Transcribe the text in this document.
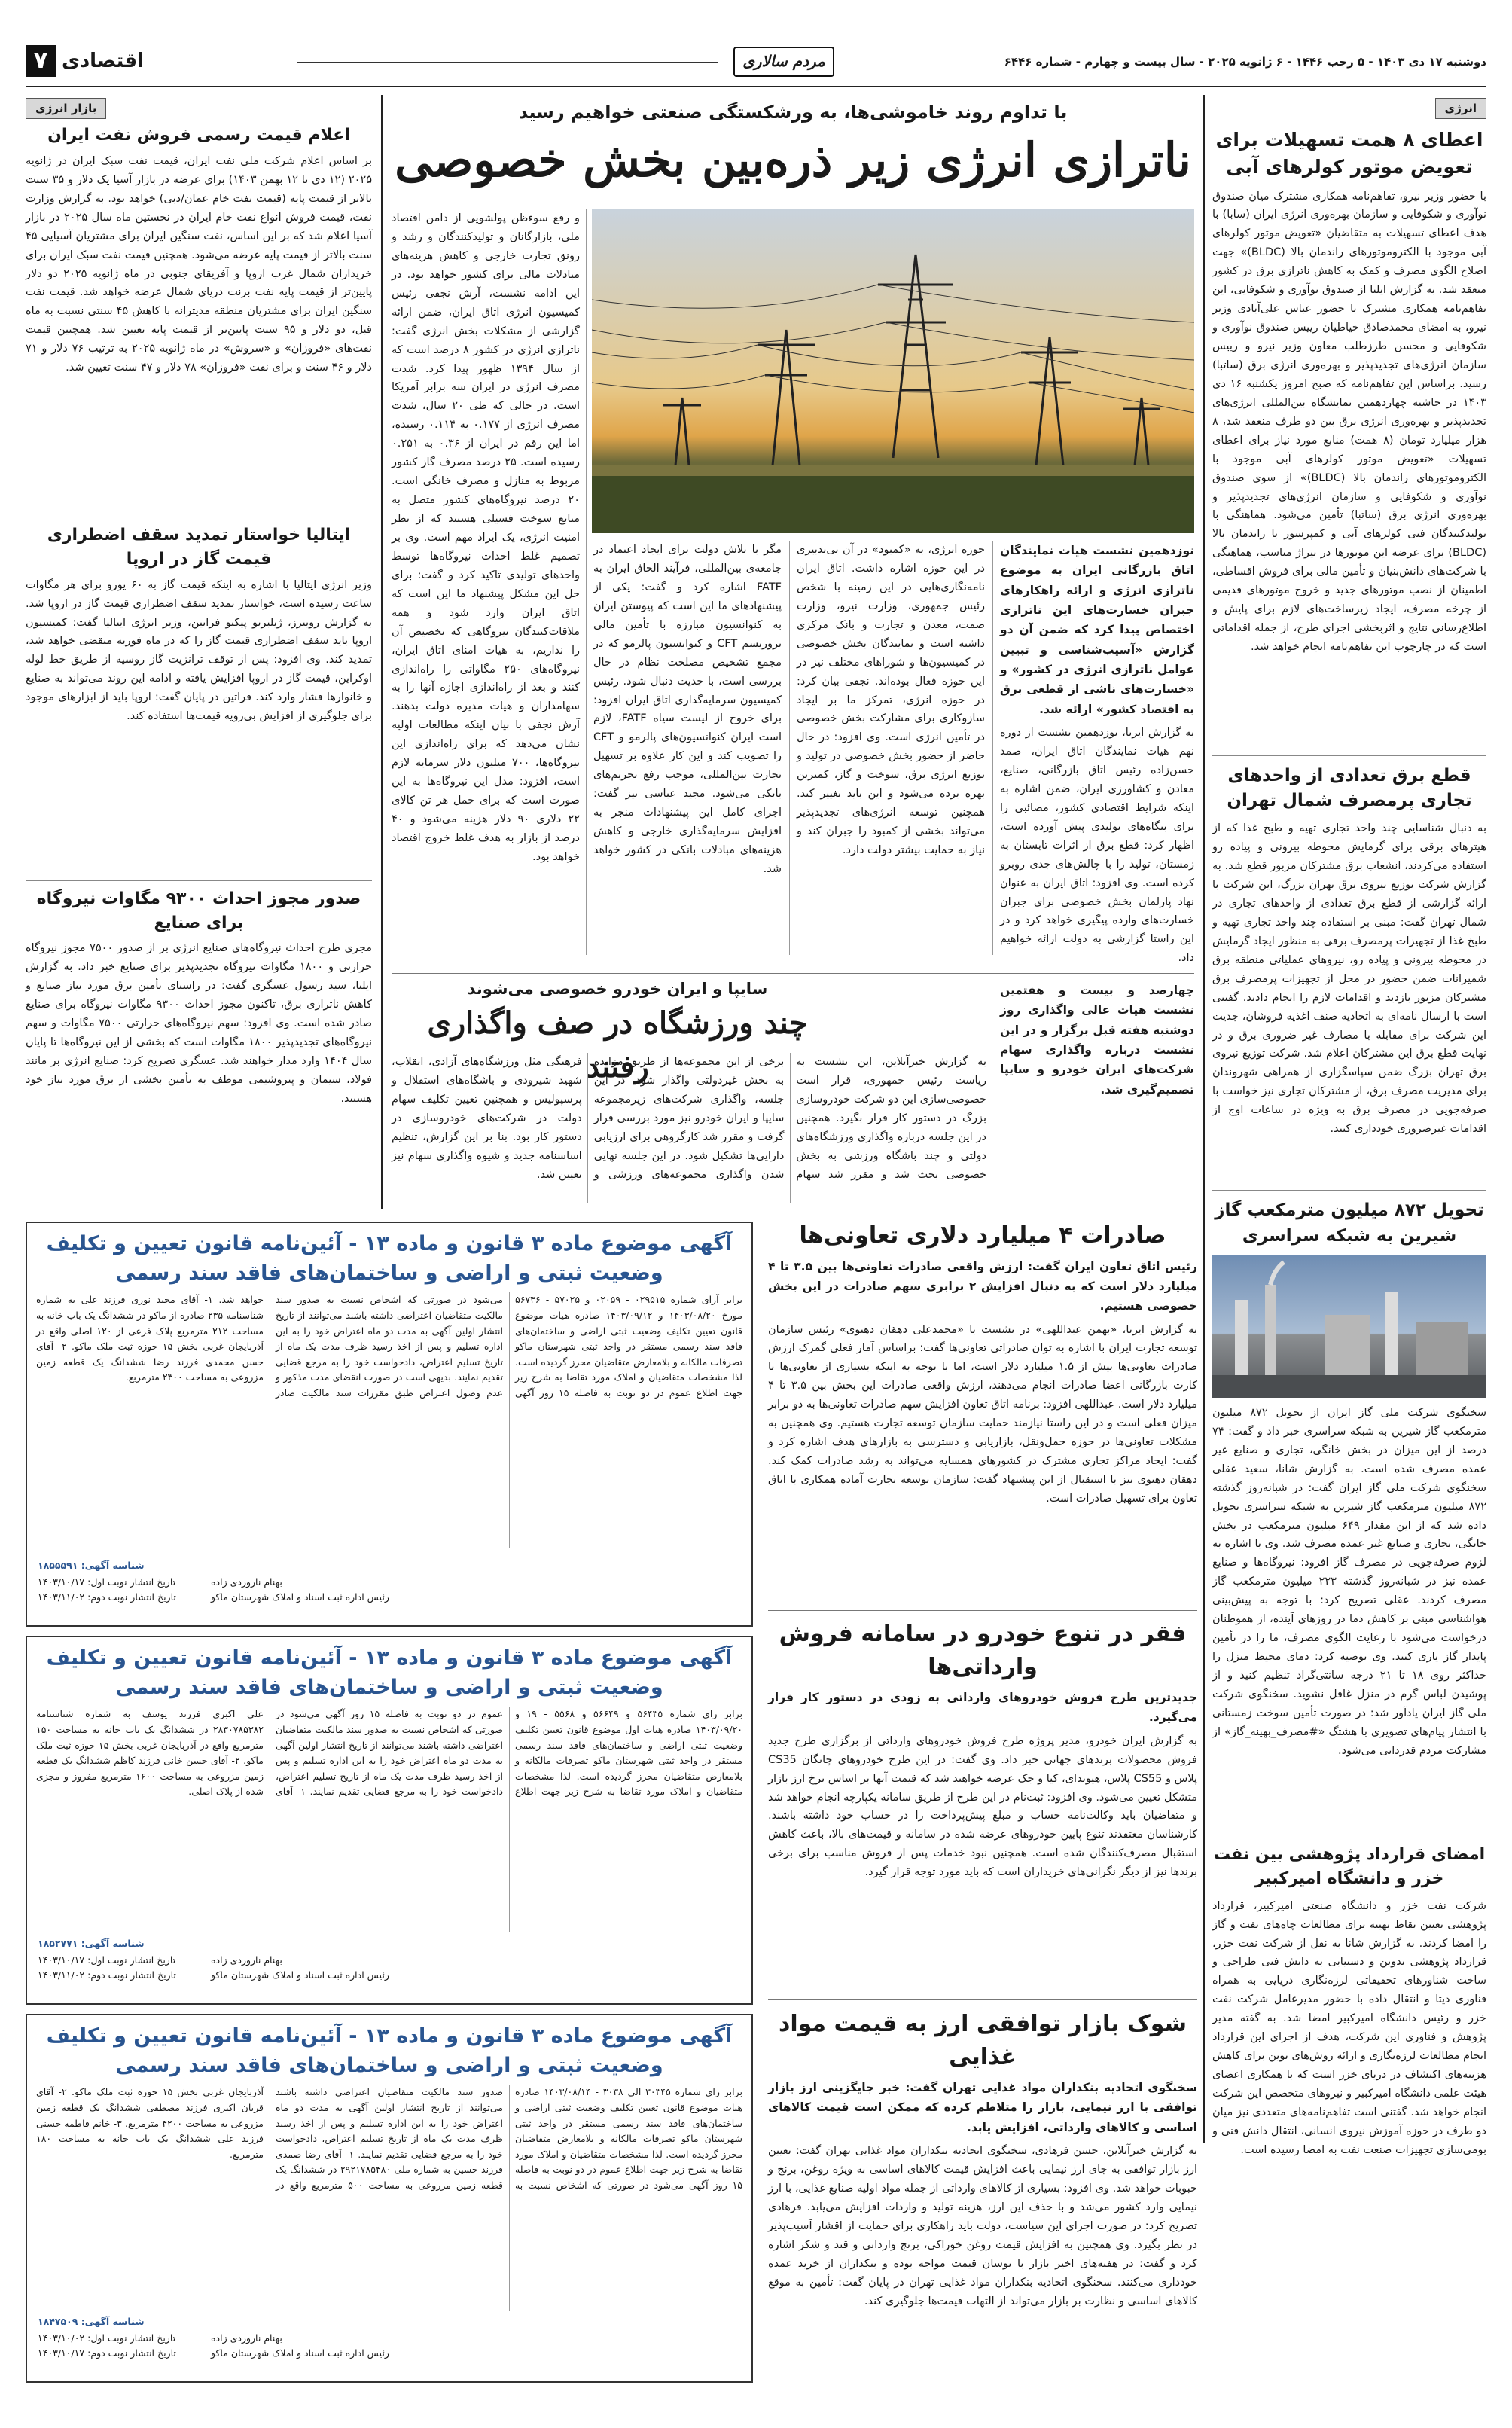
دوشنبه ۱۷ دی ۱۴۰۳ - ۵ رجب ۱۴۴۶ - ۶ ژانویه ۲۰۲۵ - سال بیست و چهارم - شماره ۶۴۴۶
مردم سالاری
۷ اقتصادی
انرژی
اعطای ۸ همت تسهیلات برای تعویض موتور کولرهای آبی
با حضور وزیر نیرو، تفاهم‌نامه همکاری مشترک میان صندوق نوآوری و شکوفایی و سازمان بهره‌وری انرژی ایران (سابا) با هدف اعطای تسهیلات به متقاضیان «تعویض موتور کولرهای آبی موجود با الکتروموتورهای راندمان بالا (BLDC)» جهت اصلاح الگوی مصرف و کمک به کاهش ناترازی برق در کشور منعقد شد. به گزارش ایلنا از صندوق نوآوری و شکوفایی، این تفاهم‌نامه همکاری مشترک با حضور عباس علی‌آبادی وزیر نیرو، به امضای محمدصادق خیاطیان رییس صندوق نوآوری و شکوفایی و محسن طرزطلب معاون وزیر نیرو و رییس سازمان انرژی‌های تجدیدپذیر و بهره‌وری انرژی برق (ساتبا) رسید. براساس این تفاهم‌نامه که صبح امروز یکشنبه ۱۶ دی ۱۴۰۳ در حاشیه چهاردهمین نمایشگاه بین‌المللی انرژی‌های تجدیدپذیر و بهره‌وری انرژی برق بین دو طرف منعقد شد، ۸ هزار میلیارد تومان (۸ همت) منابع مورد نیاز برای اعطای تسهیلات «تعویض موتور کولرهای آبی موجود با الکتروموتورهای راندمان بالا (BLDC)» از سوی صندوق نوآوری و شکوفایی و سازمان انرژی‌های تجدیدپذیر و بهره‌وری انرژی برق (ساتبا) تأمین می‌شود. هماهنگی با تولیدکنندگان فنی کولرهای آبی و کمپرسور با راندمان بالا (BLDC) برای عرضه این موتورها در تیراژ مناسب، هماهنگی با شرکت‌های دانش‌بنیان و تأمین مالی برای فروش اقساطی، اطمینان از نصب موتورهای جدید و خروج موتورهای قدیمی از چرخه مصرف، ایجاد زیرساخت‌های لازم برای پایش و اطلاع‌رسانی نتایج و اثربخشی اجرای طرح، از جمله اقداماتی است که در چارچوب این تفاهم‌نامه انجام خواهد شد.
قطع برق تعدادی از واحدهای تجاری پرمصرف شمال تهران
به دنبال شناسایی چند واحد تجاری تهیه و طبخ غذا که از هیترهای برقی برای گرمایش محوطه بیرونی و پیاده رو استفاده می‌کردند، انشعاب برق مشترکان مزبور قطع شد. به گزارش شرکت توزیع نیروی برق تهران بزرگ، این شرکت با ارائه گزارشی از قطع برق تعدادی از واحدهای تجاری در شمال تهران گفت: مبنی بر استفاده چند واحد تجاری تهیه و طبخ غذا از تجهیزات پرمصرف برقی به منظور ایجاد گرمایش در محوطه بیرونی و پیاده رو، نیروهای عملیاتی منطقه برق شمیرانات ضمن حضور در محل از تجهیزات پرمصرف برق مشترکان مزبور بازدید و اقدامات لازم را انجام دادند. گفتنی است با ارسال نامه‌ای به اتحادیه صنف اغذیه فروشان، جدیت این شرکت برای مقابله با مصارف غیر ضروری برق و در نهایت قطع برق این مشترکان اعلام شد. شرکت توزیع نیروی برق تهران بزرگ ضمن سپاسگزاری از همراهی شهروندان برای مدیریت مصرف برق، از مشترکان تجاری نیز خواست با صرفه‌جویی در مصرف برق به ویژه در ساعات اوج از اقدامات غیرضروری خودداری کنند.
تحویل ۸۷۲ میلیون مترمکعب گاز شیرین به شبکه سراسری
سخنگوی شرکت ملی گاز ایران از تحویل ۸۷۲ میلیون مترمکعب گاز شیرین به شبکه سراسری خبر داد و گفت: ۷۴ درصد از این میزان در بخش خانگی، تجاری و صنایع غیر عمده مصرف شده است. به گزارش شانا، سعید عقلی سخنگوی شرکت ملی گاز ایران گفت: در شبانه‌روز گذشته ۸۷۲ میلیون مترمکعب گاز شیرین به شبکه سراسری تحویل داده شد که از این مقدار ۶۴۹ میلیون مترمکعب در بخش خانگی، تجاری و صنایع غیر عمده مصرف شد. وی با اشاره به لزوم صرفه‌جویی در مصرف گاز افزود: نیروگاه‌ها و صنایع عمده نیز در شبانه‌روز گذشته ۲۲۳ میلیون مترمکعب گاز مصرف کردند. عقلی تصریح کرد: با توجه به پیش‌بینی هواشناسی مبنی بر کاهش دما در روزهای آینده، از هموطنان درخواست می‌شود با رعایت الگوی مصرف، ما را در تأمین پایدار گاز یاری کنند. وی توصیه کرد: دمای محیط منزل را حداکثر روی ۱۸ تا ۲۱ درجه سانتی‌گراد تنظیم کنید و از پوشیدن لباس گرم در منزل غافل نشوید. سخنگوی شرکت ملی گاز ایران یادآور شد: در صورت تأمین سوخت زمستانی با انتشار پیام‌های تصویری با هشتگ «#مصرف_بهینه_گاز» از مشارکت مردم قدردانی می‌شود.
امضای قرارداد پژوهشی بین نفت خزر و دانشگاه امیرکبیر
شرکت نفت خزر و دانشگاه صنعتی امیرکبیر، قرارداد پژوهشی تعیین نقاط بهینه برای مطالعات چاه‌های نفت و گاز را امضا کردند. به گزارش شانا به نقل از شرکت نفت خزر، قرارداد پژوهشی تدوین و دستیابی به دانش فنی طراحی و ساخت شناورهای تحقیقاتی لرزه‌نگاری دریایی به همراه فناوری دیتا و انتقال داده با حضور مدیرعامل شرکت نفت خزر و رئیس دانشگاه امیرکبیر امضا شد. به گفته مدیر پژوهش و فناوری این شرکت، هدف از اجرای این قرارداد انجام مطالعات لرزه‌نگاری و ارائه روش‌های نوین برای کاهش هزینه‌های اکتشاف در دریای خزر است که با همکاری اعضای هیئت علمی دانشگاه امیرکبیر و نیروهای متخصص این شرکت انجام خواهد شد. گفتنی است تفاهم‌نامه‌های متعددی نیز میان دو طرف در حوزه آموزش نیروی انسانی، انتقال دانش فنی و بومی‌سازی تجهیزات صنعت نفت به امضا رسیده است.
با تداوم روند خاموشی‌ها، به ورشکستگی صنعتی خواهیم رسید
ناترازی انرژی زیر ذره‌بین بخش خصوصی
و رفع سوءظن پولشویی از دامن اقتصاد ملی، بازارگانان و تولیدکنندگان و رشد و رونق تجارت خارجی و کاهش هزینه‌های مبادلات مالی برای کشور خواهد بود. در این ادامه نشست، آرش نجفی رئیس کمیسیون انرژی اتاق ایران، ضمن ارائه گزارشی از مشکلات بخش انرژی گفت: ناترازی انرژی در کشور ۸ درصد است که از سال ۱۳۹۴ ظهور پیدا کرد. شدت مصرف انرژی در ایران سه برابر آمریکا است. در حالی که طی ۲۰ سال، شدت مصرف انرژی از ۰.۱۷۷ به ۰.۱۱۴ رسیده، اما این رقم در ایران از ۰.۳۶ به ۰.۲۵۱ رسیده است. ۲۵ درصد مصرف گاز کشور مربوط به منازل و مصرف خانگی است. ۲۰ درصد نیروگاه‌های کشور متصل به منابع سوخت فسیلی هستند که از نظر امنیت انرژی، یک ایراد مهم است. وی بر تصمیم غلط احداث نیروگاه‌ها توسط واحدهای تولیدی تاکید کرد و گفت: برای حل این مشکل پیشنهاد ما این است که اتاق ایران وارد شود و همه ملاقات‌کنندگان نیروگاهی که تخصیص آن را نداریم، به هیات امنای اتاق ایران، نیروگاه‌های ۲۵۰ مگاواتی را راه‌اندازی کنند و بعد از راه‌اندازی اجازه آنها را به سهامداران و هیات مدیره دولت بدهند. آرش نجفی با بیان اینکه مطالعات اولیه نشان می‌دهد که برای راه‌اندازی این نیروگاه‌ها، ۷۰۰ میلیون دلار سرمایه لازم است، افزود: مدل این نیروگاه‌ها به این صورت است که برای حمل هر تن کالای ۲۲ دلاری ۹۰ دلار هزینه می‌شود و ۴۰ درصد از بازار به هدف غلط خروج اقتصاد خواهد بود.
مگر با تلاش دولت برای ایجاد اعتماد در جامعه‌ی بین‌المللی، فرآیند الحاق ایران به FATF اشاره کرد و گفت: یکی از پیشنهادهای ما این است که پیوستن ایران به کنوانسیون مبارزه با تأمین مالی تروریسم CFT و کنوانسیون پالرمو که در مجمع تشخیص مصلحت نظام در حال بررسی است، با جدیت دنبال شود. رئیس کمیسیون سرمایه‌گذاری اتاق ایران افزود: برای خروج از لیست سیاه FATF، لازم است ایران کنوانسیون‌های پالرمو و CFT را تصویب کند و این کار علاوه بر تسهیل تجارت بین‌المللی، موجب رفع تحریم‌های بانکی می‌شود. مجید عباسی نیز گفت: اجرای کامل این پیشنهادات منجر به افزایش سرمایه‌گذاری خارجی و کاهش هزینه‌های مبادلات بانکی در کشور خواهد شد.
حوزه انرژی، به «کمبود» در آن بی‌تدبیری در این حوزه اشاره داشت. اتاق ایران نامه‌نگاری‌هایی در این زمینه با شخص رئیس جمهوری، وزارت نیرو، وزارت صمت، معدن و تجارت و بانک مرکزی داشته است و نمایندگان بخش خصوصی در کمیسیون‌ها و شوراهای مختلف نیز در این حوزه فعال بوده‌اند. نجفی بیان کرد: در حوزه انرژی، تمرکز ما بر ایجاد سازوکاری برای مشارکت بخش خصوصی در تأمین انرژی است. وی افزود: در حال حاضر از حضور بخش خصوصی در تولید و توزیع انرژی برق، سوخت و گاز، کمترین بهره برده می‌شود و این باید تغییر کند. همچنین توسعه انرژی‌های تجدیدپذیر می‌تواند بخشی از کمبود را جبران کند و نیاز به حمایت بیشتر دولت دارد.
نوزدهمین نشست هیات نمایندگان اتاق بازرگانی ایران به موضوع ناترازی انرژی و ارائه راهکارهای جبران خسارت‌های این ناترازی اختصاص پیدا کرد که ضمن آن دو گزارش «آسیب‌شناسی و تبیین عوامل ناترازی انرژی در کشور» و «خسارت‌های ناشی از قطعی برق به اقتصاد کشور» ارائه شد.
به گزارش ایرنا، نوزدهمین نشست از دوره نهم هیات نمایندگان اتاق ایران، صمد حسن‌زاده رئیس اتاق بازرگانی، صنایع، معادن و کشاورزی ایران، ضمن اشاره به اینکه شرایط اقتصادی کشور، مصائبی را برای بنگاه‌های تولیدی پیش آورده است، اظهار کرد: قطع برق از اثرات تابستان به زمستان، تولید را با چالش‌های جدی روبرو کرده است. وی افزود: اتاق ایران به عنوان نهاد پارلمان بخش خصوصی برای جبران خسارت‌های وارده پیگیری خواهد کرد و در این راستا گزارشی به دولت ارائه خواهیم داد.
سایپا و ایران خودرو خصوصی می‌شوند
چند ورزشگاه در صف واگذاری رفتند
چهارصد و بیست و هفتمین نشست هیات عالی واگذاری روز دوشنبه هفته قبل برگزار و در این نشست درباره واگذاری سهام شرکت‌های ایران خودرو و سایپا تصمیم‌گیری شد.
به گزارش خبرآنلاین، این نشست به ریاست رئیس جمهوری، قرار است خصوصی‌سازی این دو شرکت خودروسازی بزرگ در دستور کار قرار بگیرد. همچنین در این جلسه درباره واگذاری ورزشگاه‌های دولتی و چند باشگاه ورزشی به بخش خصوصی بحث شد و مقرر شد سهام برخی از این مجموعه‌ها از طریق مزایده به بخش غیردولتی واگذار شود. در این جلسه، واگذاری شرکت‌های زیرمجموعه سایپا و ایران خودرو نیز مورد بررسی قرار گرفت و مقرر شد کارگروهی برای ارزیابی دارایی‌ها تشکیل شود. در این جلسه نهایی شدن واگذاری مجموعه‌های ورزشی و فرهنگی مثل ورزشگاه‌های آزادی، انقلاب، شهید شیرودی و باشگاه‌های استقلال و پرسپولیس و همچنین تعیین تکلیف سهام دولت در شرکت‌های خودروسازی در دستور کار بود. بنا بر این گزارش، تنظیم اساسنامه جدید و شیوه واگذاری سهام نیز تعیین شد.
بازار انرژی
اعلام قیمت رسمی فروش نفت ایران
بر اساس اعلام شرکت ملی نفت ایران، قیمت نفت سبک ایران در ژانویه ۲۰۲۵ (۱۲ دی تا ۱۲ بهمن ۱۴۰۳) برای عرضه در بازار آسیا یک دلار و ۳۵ سنت بالاتر از قیمت پایه (قیمت نفت خام عمان/دبی) خواهد بود. به گزارش وزارت نفت، قیمت فروش انواع نفت خام ایران در نخستین ماه سال ۲۰۲۵ در بازار آسیا اعلام شد که بر این اساس، نفت سنگین ایران برای مشتریان آسیایی ۴۵ سنت بالاتر از قیمت پایه عرضه می‌شود. همچنین قیمت نفت سبک ایران برای خریداران شمال غرب اروپا و آفریقای جنوبی در ماه ژانویه ۲۰۲۵ دو دلار پایین‌تر از قیمت پایه نفت برنت دریای شمال عرضه خواهد شد. قیمت نفت سنگین ایران برای مشتریان منطقه مدیترانه با کاهش ۴۵ سنتی نسبت به ماه قبل، دو دلار و ۹۵ سنت پایین‌تر از قیمت پایه تعیین شد. همچنین قیمت نفت‌های «فروزان» و «سروش» در ماه ژانویه ۲۰۲۵ به ترتیب ۷۶ دلار و ۷۱ دلار و ۴۶ سنت و برای نفت «فروزان» ۷۸ دلار و ۴۷ سنت تعیین شد.
ایتالیا خواستار تمدید سقف اضطراری قیمت گاز در اروپا
وزیر انرژی ایتالیا با اشاره به اینکه قیمت گاز به ۶۰ یورو برای هر مگاوات ساعت رسیده است، خواستار تمدید سقف اضطراری قیمت گاز در اروپا شد. به گزارش رویترز، ژیلبرتو پیکتو فراتین، وزیر انرژی ایتالیا گفت: کمیسیون اروپا باید سقف اضطراری قیمت گاز را که در ماه فوریه منقضی خواهد شد، تمدید کند. وی افزود: پس از توقف ترانزیت گاز روسیه از طریق خط لوله اوکراین، قیمت گاز در اروپا افزایش یافته و ادامه این روند می‌تواند به صنایع و خانوارها فشار وارد کند. فراتین در پایان گفت: اروپا باید از ابزارهای موجود برای جلوگیری از افزایش بی‌رویه قیمت‌ها استفاده کند.
صدور مجوز احداث ۹۳۰۰ مگاوات نیروگاه برای صنایع
مجری طرح احداث نیروگاه‌های صنایع انرژی بر از صدور ۷۵۰۰ مجوز نیروگاه حرارتی و ۱۸۰۰ مگاوات نیروگاه تجدیدپذیر برای صنایع خبر داد. به گزارش ایلنا، سید رسول عسگری گفت: در راستای تأمین برق مورد نیاز صنایع و کاهش ناترازی برق، تاکنون مجوز احداث ۹۳۰۰ مگاوات نیروگاه برای صنایع صادر شده است. وی افزود: سهم نیروگاه‌های حرارتی ۷۵۰۰ مگاوات و سهم نیروگاه‌های تجدیدپذیر ۱۸۰۰ مگاوات است که بخشی از این نیروگاه‌ها تا پایان سال ۱۴۰۴ وارد مدار خواهند شد. عسگری تصریح کرد: صنایع انرژی بر مانند فولاد، سیمان و پتروشیمی موظف به تأمین بخشی از برق مورد نیاز خود هستند.
صادرات ۴ میلیارد دلاری تعاونی‌ها
رئیس اتاق تعاون ایران گفت: ارزش واقعی صادرات تعاونی‌ها بین ۳.۵ تا ۴ میلیارد دلار است که به دنبال افزایش ۲ برابری سهم صادرات در این بخش خصوصی هستیم.
به گزارش ایرنا، «بهمن عبداللهی» در نشست با «محمدعلی دهقان دهنوی» رئیس سازمان توسعه تجارت ایران با اشاره به توان صادراتی تعاونی‌ها گفت: براساس آمار فعلی گمرک ارزش صادرات تعاونی‌ها بیش از ۱.۵ میلیارد دلار است، اما با توجه به اینکه بسیاری از تعاونی‌ها با کارت بازرگانی اعضا صادرات انجام می‌دهند، ارزش واقعی صادرات این بخش بین ۳.۵ تا ۴ میلیارد دلار است. عبداللهی افزود: برنامه اتاق تعاون افزایش سهم صادرات تعاونی‌ها به دو برابر میزان فعلی است و در این راستا نیازمند حمایت سازمان توسعه تجارت هستیم. وی همچنین به مشکلات تعاونی‌ها در حوزه حمل‌ونقل، بازاریابی و دسترسی به بازارهای هدف اشاره کرد و گفت: ایجاد مراکز تجاری مشترک در کشورهای همسایه می‌تواند به رشد صادرات کمک کند. دهقان دهنوی نیز با استقبال از این پیشنهاد گفت: سازمان توسعه تجارت آماده همکاری با اتاق تعاون برای تسهیل صادرات است.
فقر در تنوع خودرو در سامانه فروش وارداتی‌ها
جدیدترین طرح فروش خودروهای وارداتی به زودی در دستور کار قرار می‌گیرد.
به گزارش ایران خودرو، مدیر پروژه طرح فروش خودروهای وارداتی از برگزاری طرح جدید فروش محصولات برندهای جهانی خبر داد. وی گفت: در این طرح خودروهای چانگان CS35 پلاس و CS55 پلاس، هیوندای، کیا و جک عرضه خواهند شد که قیمت آنها بر اساس نرخ ارز بازار متشکل تعیین می‌شود. وی افزود: ثبت‌نام در این طرح از طریق سامانه یکپارچه انجام خواهد شد و متقاضیان باید وکالت‌نامه حساب و مبلغ پیش‌پرداخت را در حساب خود داشته باشند. کارشناسان معتقدند تنوع پایین خودروهای عرضه شده در سامانه و قیمت‌های بالا، باعث کاهش استقبال مصرف‌کنندگان شده است. همچنین نبود خدمات پس از فروش مناسب برای برخی برندها نیز از دیگر نگرانی‌های خریداران است که باید مورد توجه قرار گیرد.
شوک بازار توافقی ارز به قیمت مواد غذایی
سخنگوی اتحادیه بنکداران مواد غذایی تهران گفت: خبر جایگزینی ارز بازار توافقی با ارز نیمایی، بازار را متلاطم کرده که ممکن است قیمت کالاهای اساسی و کالاهای وارداتی، افزایش یابد.
به گزارش خبرآنلاین، حسن فرهادی، سخنگوی اتحادیه بنکداران مواد غذایی تهران گفت: تعیین ارز بازار توافقی به جای ارز نیمایی باعث افزایش قیمت کالاهای اساسی به ویژه روغن، برنج و حبوبات خواهد شد. وی افزود: بسیاری از کالاهای وارداتی از جمله مواد اولیه صنایع غذایی، با ارز نیمایی وارد کشور می‌شد و با حذف این ارز، هزینه تولید و واردات افزایش می‌یابد. فرهادی تصریح کرد: در صورت اجرای این سیاست، دولت باید راهکاری برای حمایت از اقشار آسیب‌پذیر در نظر بگیرد. وی همچنین به افزایش قیمت روغن خوراکی، برنج وارداتی و قند و شکر اشاره کرد و گفت: در هفته‌های اخیر بازار با نوسان قیمت مواجه بوده و بنکداران از خرید عمده خودداری می‌کنند. سخنگوی اتحادیه بنکداران مواد غذایی تهران در پایان گفت: تأمین به موقع کالاهای اساسی و نظارت بر بازار می‌تواند از التهاب قیمت‌ها جلوگیری کند.
آگهی موضوع ماده ۳ قانون و ماده ۱۳ - آئین‌نامه قانون تعیین و تکلیف وضعیت ثبتی و اراضی و ساختمان‌های فاقد سند رسمی
برابر آرای شماره ۰۲۹۵۱۵ - ۰۲۰۵۹ و ۵۷۰۲۵ - ۵۶۷۳۶ مورخ ۱۴۰۳/۰۸/۲۰ و ۱۴۰۳/۰۹/۱۲ صادره هیات موضوع قانون تعیین تکلیف وضعیت ثبتی اراضی و ساختمان‌های فاقد سند رسمی مستقر در واحد ثبتی شهرستان ماکو تصرفات مالکانه و بلامعارض متقاضیان محرز گردیده است. لذا مشخصات متقاضیان و املاک مورد تقاضا به شرح زیر جهت اطلاع عموم در دو نوبت به فاصله ۱۵ روز آگهی می‌شود در صورتی که اشخاص نسبت به صدور سند مالکیت متقاضیان اعتراضی داشته باشند می‌توانند از تاریخ انتشار اولین آگهی به مدت دو ماه اعتراض خود را به این اداره تسلیم و پس از اخذ رسید ظرف مدت یک ماه از تاریخ تسلیم اعتراض، دادخواست خود را به مرجع قضایی تقدیم نمایند. بدیهی است در صورت انقضای مدت مذکور و عدم وصول اعتراض طبق مقررات سند مالکیت صادر خواهد شد. ۱- آقای مجید نوری فرزند علی به شماره شناسنامه ۲۳۵ صادره از ماکو در ششدانگ یک باب خانه به مساحت ۲۱۲ مترمربع پلاک فرعی از ۱۲۰ اصلی واقع در آذربایجان غربی بخش ۱۵ حوزه ثبت ملک ماکو. ۲- آقای حسن محمدی فرزند رضا ششدانگ یک قطعه زمین مزروعی به مساحت ۲۳۰۰ مترمربع.
شناسه آگهی: ۱۸۵۵۵۹۱
تاریخ انتشار نوبت اول: ۱۴۰۳/۱۰/۱۷
تاریخ انتشار نوبت دوم: ۱۴۰۳/۱۱/۰۲
بهنام ناروردی زاده
رئیس اداره ثبت اسناد و املاک شهرستان ماکو
آگهی موضوع ماده ۳ قانون و ماده ۱۳ - آئین‌نامه قانون تعیین و تکلیف وضعیت ثبتی و اراضی و ساختمان‌های فاقد سند رسمی
برابر رای شماره ۵۶۴۳۵ و ۵۶۶۴۹ و ۵۵۶۸ - ۱۹ و ۱۴۰۳/۰۹/۲۰ صادره هیات اول موضوع قانون تعیین تکلیف وضعیت ثبتی اراضی و ساختمان‌های فاقد سند رسمی مستقر در واحد ثبتی شهرستان ماکو تصرفات مالکانه و بلامعارض متقاضیان محرز گردیده است. لذا مشخصات متقاضیان و املاک مورد تقاضا به شرح زیر جهت اطلاع عموم در دو نوبت به فاصله ۱۵ روز آگهی می‌شود در صورتی که اشخاص نسبت به صدور سند مالکیت متقاضیان اعتراضی داشته باشند می‌توانند از تاریخ انتشار اولین آگهی به مدت دو ماه اعتراض خود را به این اداره تسلیم و پس از اخذ رسید ظرف مدت یک ماه از تاریخ تسلیم اعتراض، دادخواست خود را به مرجع قضایی تقدیم نمایند. ۱- آقای علی اکبری فرزند یوسف به شماره شناسنامه ۲۸۳۰۷۸۵۳۸۲ در ششدانگ یک باب خانه به مساحت ۱۵۰ مترمربع واقع در آذربایجان غربی بخش ۱۵ حوزه ثبت ملک ماکو. ۲- آقای حسن خانی فرزند کاظم ششدانگ یک قطعه زمین مزروعی به مساحت ۱۶۰۰ مترمربع مفروز و مجزی شده از پلاک اصلی.
شناسه آگهی: ۱۸۵۲۷۷۱
تاریخ انتشار نوبت اول: ۱۴۰۳/۱۰/۱۷
تاریخ انتشار نوبت دوم: ۱۴۰۳/۱۱/۰۲
بهنام ناروردی زاده
رئیس اداره ثبت اسناد و املاک شهرستان ماکو
آگهی موضوع ماده ۳ قانون و ماده ۱۳ - آئین‌نامه قانون تعیین و تکلیف وضعیت ثبتی و اراضی و ساختمان‌های فاقد سند رسمی
برابر رای شماره ۳۰۳۴۵ الی ۳۰۳۸ - ۱۴۰۳/۰۸/۱۴ صادره هیات موضوع قانون تعیین تکلیف وضعیت ثبتی اراضی و ساختمان‌های فاقد سند رسمی مستقر در واحد ثبتی شهرستان ماکو تصرفات مالکانه و بلامعارض متقاضیان محرز گردیده است. لذا مشخصات متقاضیان و املاک مورد تقاضا به شرح زیر جهت اطلاع عموم در دو نوبت به فاصله ۱۵ روز آگهی می‌شود در صورتی که اشخاص نسبت به صدور سند مالکیت متقاضیان اعتراضی داشته باشند می‌توانند از تاریخ انتشار اولین آگهی به مدت دو ماه اعتراض خود را به این اداره تسلیم و پس از اخذ رسید ظرف مدت یک ماه از تاریخ تسلیم اعتراض، دادخواست خود را به مرجع قضایی تقدیم نمایند. ۱- آقای رضا صمدی فرزند حسین به شماره ملی ۲۹۲۱۷۸۵۴۸۰ در ششدانگ یک قطعه زمین مزروعی به مساحت ۵۰۰ مترمربع واقع در آذربایجان غربی بخش ۱۵ حوزه ثبت ملک ماکو. ۲- آقای قربان اکبری فرزند مصطفی ششدانگ یک قطعه زمین مزروعی به مساحت ۴۲۰۰ مترمربع. ۳- خانم فاطمه حسنی فرزند علی ششدانگ یک باب خانه به مساحت ۱۸۰ مترمربع.
شناسه آگهی: ۱۸۴۷۵۰۹
تاریخ انتشار نوبت اول: ۱۴۰۳/۱۰/۰۲
تاریخ انتشار نوبت دوم: ۱۴۰۳/۱۰/۱۷
بهنام ناروردی زاده
رئیس اداره ثبت اسناد و املاک شهرستان ماکو
